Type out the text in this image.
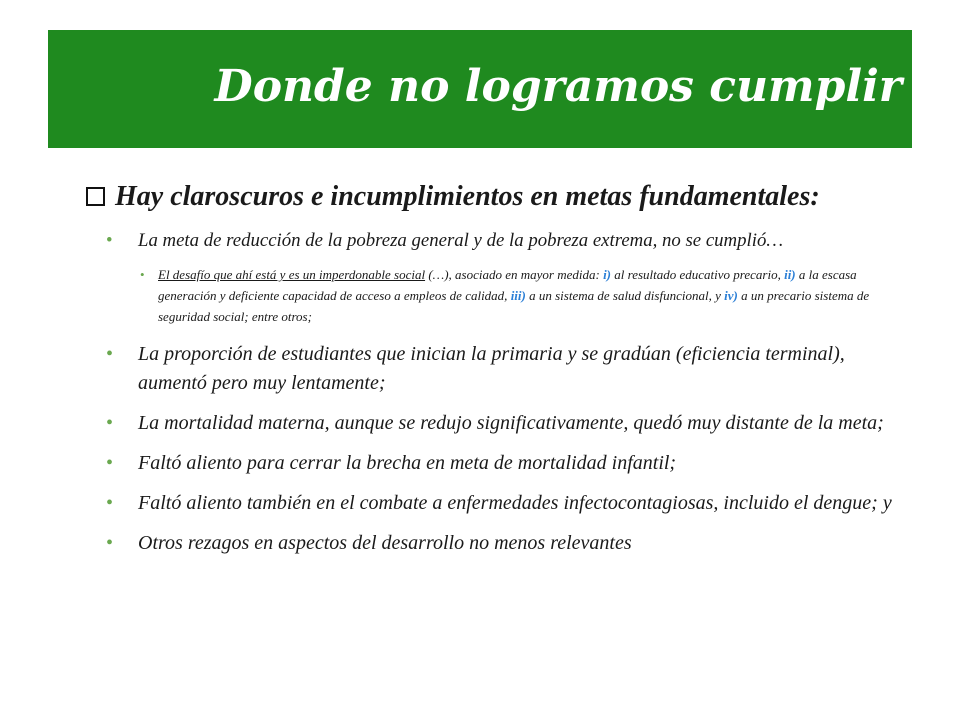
Donde no logramos cumplir
Hay claroscuros e incumplimientos en metas fundamentales:
• La meta de reducción de la pobreza general y de la pobreza extrema, no se cumplió…
• El desafío que ahí está y es un imperdonable social (…), asociado en mayor medida: i) al resultado educativo precario, ii) a la escasa generación y deficiente capacidad de acceso a empleos de calidad, iii) a un sistema de salud disfuncional, y iv) a un precario sistema de seguridad social; entre otros;
• La proporción de estudiantes que inician la primaria y se gradúan (eficiencia terminal), aumentó pero muy lentamente;
• La mortalidad materna, aunque se redujo significativamente, quedó muy distante de la meta;
• Faltó aliento para cerrar la brecha en meta de mortalidad infantil;
• Faltó aliento también en el combate a enfermedades infectocontagiosas, incluido el dengue; y
• Otros rezagos en aspectos del desarrollo no menos relevantes
